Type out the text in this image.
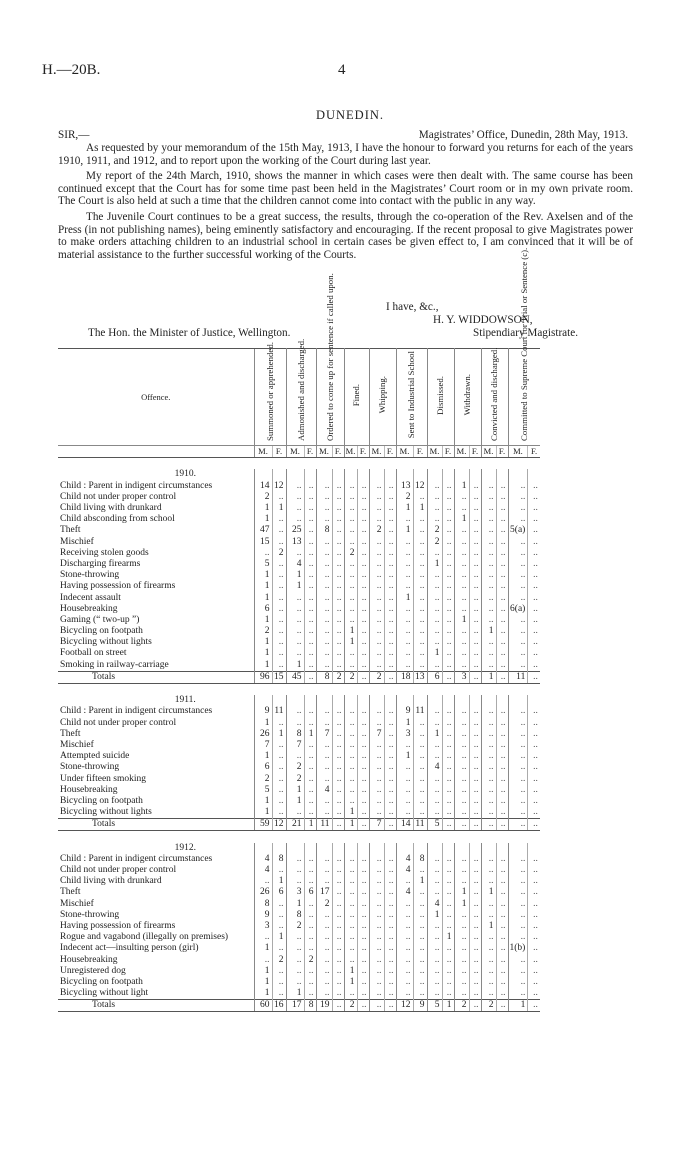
H.—20B.	4
DUNEDIN.
SIR,—	Magistrates’ Office, Dunedin, 28th May, 1913.

As requested by your memorandum of the 15th May, 1913, I have the honour to forward you returns for each of the years 1910, 1911, and 1912, and to report upon the working of the Court during last year.

My report of the 24th March, 1910, shows the manner in which cases were then dealt with. The same course has been continued except that the Court has for some time past been held in the Magistrates’ Court room or in my own private room. The Court is also held at such a time that the children cannot come into contact with the public in any way.

The Juvenile Court continues to be a great success, the results, through the co-operation of the Rev. Axelsen and of the Press (in not publishing names), being eminently satisfactory and encouraging. If the recent proposal to give Magistrates power to make orders attaching children to an industrial school in certain cases be given effect to, I am convinced that it will be of material assistance to the further successful working of the Courts.

I have, &c.,
H. Y. WIDDOWSON,
The Hon. the Minister of Justice, Wellington.	Stipendiary Magistrate.
Offence.	Summoned or apprehended.		Admonished and discharged.		Ordered to come up for sentence if called upon.		Fined.		Whipping.		Sent to Industrial School		Dismissed.		Withdrawn.		Convicted and discharged.		Committed to Supreme Court for Trial or Sentence (c).	
	M.	F.	M.	F.	M.	F.	M.	F.	M.	F.	M.	F.	M.	F.	M.	F.	M.	F.	M.	F.

1910.																				
Child : Parent in indigent circumstances	14	12	..	..	..	..	..	..	..	..	13	12	..	..	1	..	..	..	..	..
Child not under proper control	2	..	..	..	..	..	..	..	..	..	2	..	..	..	..	..	..	..	..	..
Child living with drunkard	1	1	..	..	..	..	..	..	..	..	1	1	..	..	..	..	..	..	..	..
Child absconding from school	1	..	..	..	..	..	..	..	..	..	..	..	..	..	1	..	..	..	..	..
Theft	47	..	25	..	8	..	..	..	2	..	1	..	2	..	..	..	..	..	5(a)	..
Mischief	15	..	13	..	..	..	..	..	..	..	..	..	2	..	..	..	..	..	..	..
Receiving stolen goods	..	2	..	..	..	..	2	..	..	..	..	..	..	..	..	..	..	..	..	..
Discharging firearms	5	..	4	..	..	..	..	..	..	..	..	..	1	..	..	..	..	..	..	..
Stone-throwing	1	..	1	..	..	..	..	..	..	..	..	..	..	..	..	..	..	..	..	..
Having possession of firearms	1	..	1	..	..	..	..	..	..	..	..	..	..	..	..	..	..	..	..	..
Indecent assault	1	..	..	..	..	..	..	..	..	..	1	..	..	..	..	..	..	..	..	..
Housebreaking	6	..	..	..	..	..	..	..	..	..	..	..	..	..	..	..	..	..	6(a)	..
Gaming (“ two-up ”)	1	..	..	..	..	..	..	..	..	..	..	..	..	..	1	..	..	..	..	..
Bicycling on footpath	2	..	..	..	..	..	1	..	..	..	..	..	..	..	..	..	1	..	..	..
Bicycling without lights	1	..	..	..	..	..	1	..	..	..	..	..	..	..	..	..	..	..	..	..
Football on street	1	..	..	..	..	..	..	..	..	..	..	..	1	..	..	..	..	..	..	..
Smoking in railway-carriage	1	..	1	..	..	..	..	..	..	..	..	..	..	..	..	..	..	..	..	..
Totals	96	15	45	..	8	2	2	..	2	..	18	13	6	..	3	..	1	..	11	..

1911.																				
Child : Parent in indigent circumstances	9	11	..	..	..	..	..	..	..	..	9	11	..	..	..	..	..	..	..	..
Child not under proper control	1	..	..	..	..	..	..	..	..	..	1	..	..	..	..	..	..	..	..	..
Theft	26	1	8	1	7	..	..	..	7	..	3	..	1	..	..	..	..	..	..	..
Mischief	7	..	7	..	..	..	..	..	..	..	..	..	..	..	..	..	..	..	..	..
Attempted suicide	1	..	..	..	..	..	..	..	..	..	1	..	..	..	..	..	..	..	..	..
Stone-throwing	6	..	2	..	..	..	..	..	..	..	..	..	4	..	..	..	..	..	..	..
Under fifteen smoking	2	..	2	..	..	..	..	..	..	..	..	..	..	..	..	..	..	..	..	..
Housebreaking	5	..	1	..	4	..	..	..	..	..	..	..	..	..	..	..	..	..	..	..
Bicycling on footpath	1	..	1	..	..	..	..	..	..	..	..	..	..	..	..	..	..	..	..	..
Bicycling without lights	1	..	..	..	..	..	1	..	..	..	..	..	..	..	..	..	..	..	..	..
Totals	59	12	21	1	11	..	1	..	7	..	14	11	5	..	..	..	..	..	..	..

1912.																				
Child : Parent in indigent circumstances	4	8	..	..	..	..	..	..	..	..	4	8	..	..	..	..	..	..	..	..
Child not under proper control	4	..	..	..	..	..	..	..	..	..	4	..	..	..	..	..	..	..	..	..
Child living with drunkard	..	1	..	..	..	..	..	..	..	..	..	1	..	..	..	..	..	..	..	..
Theft	26	6	3	6	17	..	..	..	..	..	4	..	..	..	1	..	1	..	..	..
Mischief	8	..	1	..	2	..	..	..	..	..	..	..	4	..	1	..	..	..	..	..
Stone-throwing	9	..	8	..	..	..	..	..	..	..	..	..	1	..	..	..	..	..	..	..
Having possession of firearms	3	..	2	..	..	..	..	..	..	..	..	..	..	..	..	..	1	..	..	..
Rogue and vagabond (illegally on premises)	..	1	..	..	..	..	..	..	..	..	..	..	..	1	..	..	..	..	..	..
Indecent act—insulting person (girl)	1	..	..	..	..	..	..	..	..	..	..	..	..	..	..	..	..	..	1(b)	..
Housebreaking	..	2	..	2	..	..	..	..	..	..	..	..	..	..	..	..	..	..	..	..
Unregistered dog	1	..	..	..	..	..	1	..	..	..	..	..	..	..	..	..	..	..	..	..
Bicycling on footpath	1	..	..	..	..	..	1	..	..	..	..	..	..	..	..	..	..	..	..	..
Bicycling without light	1	..	1	..	..	..	..	..	..	..	..	..	..	..	..	..	..	..	..	..
Totals	60	16	17	8	19	..	2	..	..	..	12	9	5	1	2	..	2	..	1	..
